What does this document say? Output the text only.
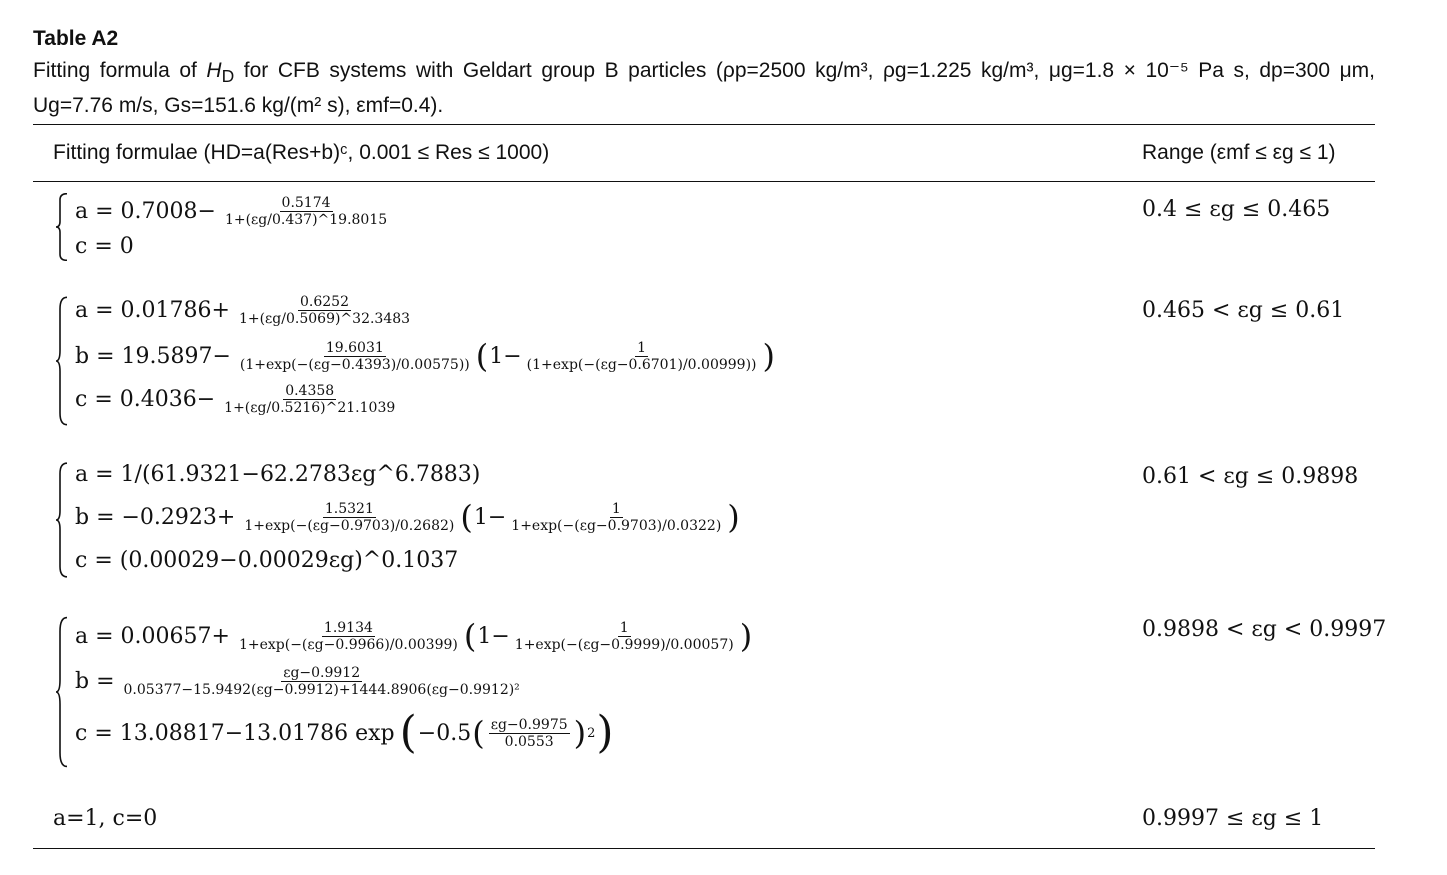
Table A2

Fitting formula of $H_D$ for CFB systems with Geldart group B particles (ρp=2500 kg/m³, ρg=1.225 kg/m³, μg=1.8 × 10⁻⁵ Pa s, dp=300 μm, Ug=7.76 m/s, Gs=151.6 kg/(m² s), εmf=0.4).

Fitting formulae (HD=a(Res+b)ᶜ, 0.001 ≤ Res ≤ 1000)	Range (εmf ≤ εg ≤ 1)
$a = 0.7008- \frac{0.5174}{1+(\varepsilon g/0.437)\^{}19.8015}$
c = 0
0.4 ≤ εg ≤ 0.465
$a = 0.01786+ \frac{0.6252}{1+(\varepsilon g/0.5069)\^{}32.3483}$
$b = 19.5897- \frac{19.6031}{(1+\exp(-(\varepsilon g-0.4393)/0.00575))}$ ( $1- \frac{1}{(1+\exp(-(\varepsilon g-0.6701)/0.00999))}$ )
$c = 0.4036- \frac{0.4358}{1+(\varepsilon g/0.5216)\^{}21.1039}$
0.465 < εg ≤ 0.61
a = 1/(61.9321−62.2783εg^6.7883)
$b = -0.2923+ \frac{1.5321}{1+\exp(-(\varepsilon g-0.9703)/0.2682)}$ ( $1- \frac{1}{1+\exp(-(\varepsilon g-0.9703)/0.0322)}$ )
c = (0.00029−0.00029εg)^0.1037
0.61 < εg ≤ 0.9898
$a = 0.00657+ \frac{1.9134}{1+\exp(-(\varepsilon g-0.9966)/0.00399)}$ ( $1- \frac{1}{1+\exp(-(\varepsilon g-0.9999)/0.00057)}$ )
$b = \frac{\varepsilon g-0.9912}{\text{0.05377−15.9492(εg−0.9912)+1444.8906(εg−0.9912)²}}$
c = 13.08817−13.01786 exp ( −0.5 ( $\frac{\varepsilon g-0.9975}{0.0553}$ ) 2 )
0.9898 < εg < 0.9997
a=1, c=0	0.9997 ≤ εg ≤ 1
